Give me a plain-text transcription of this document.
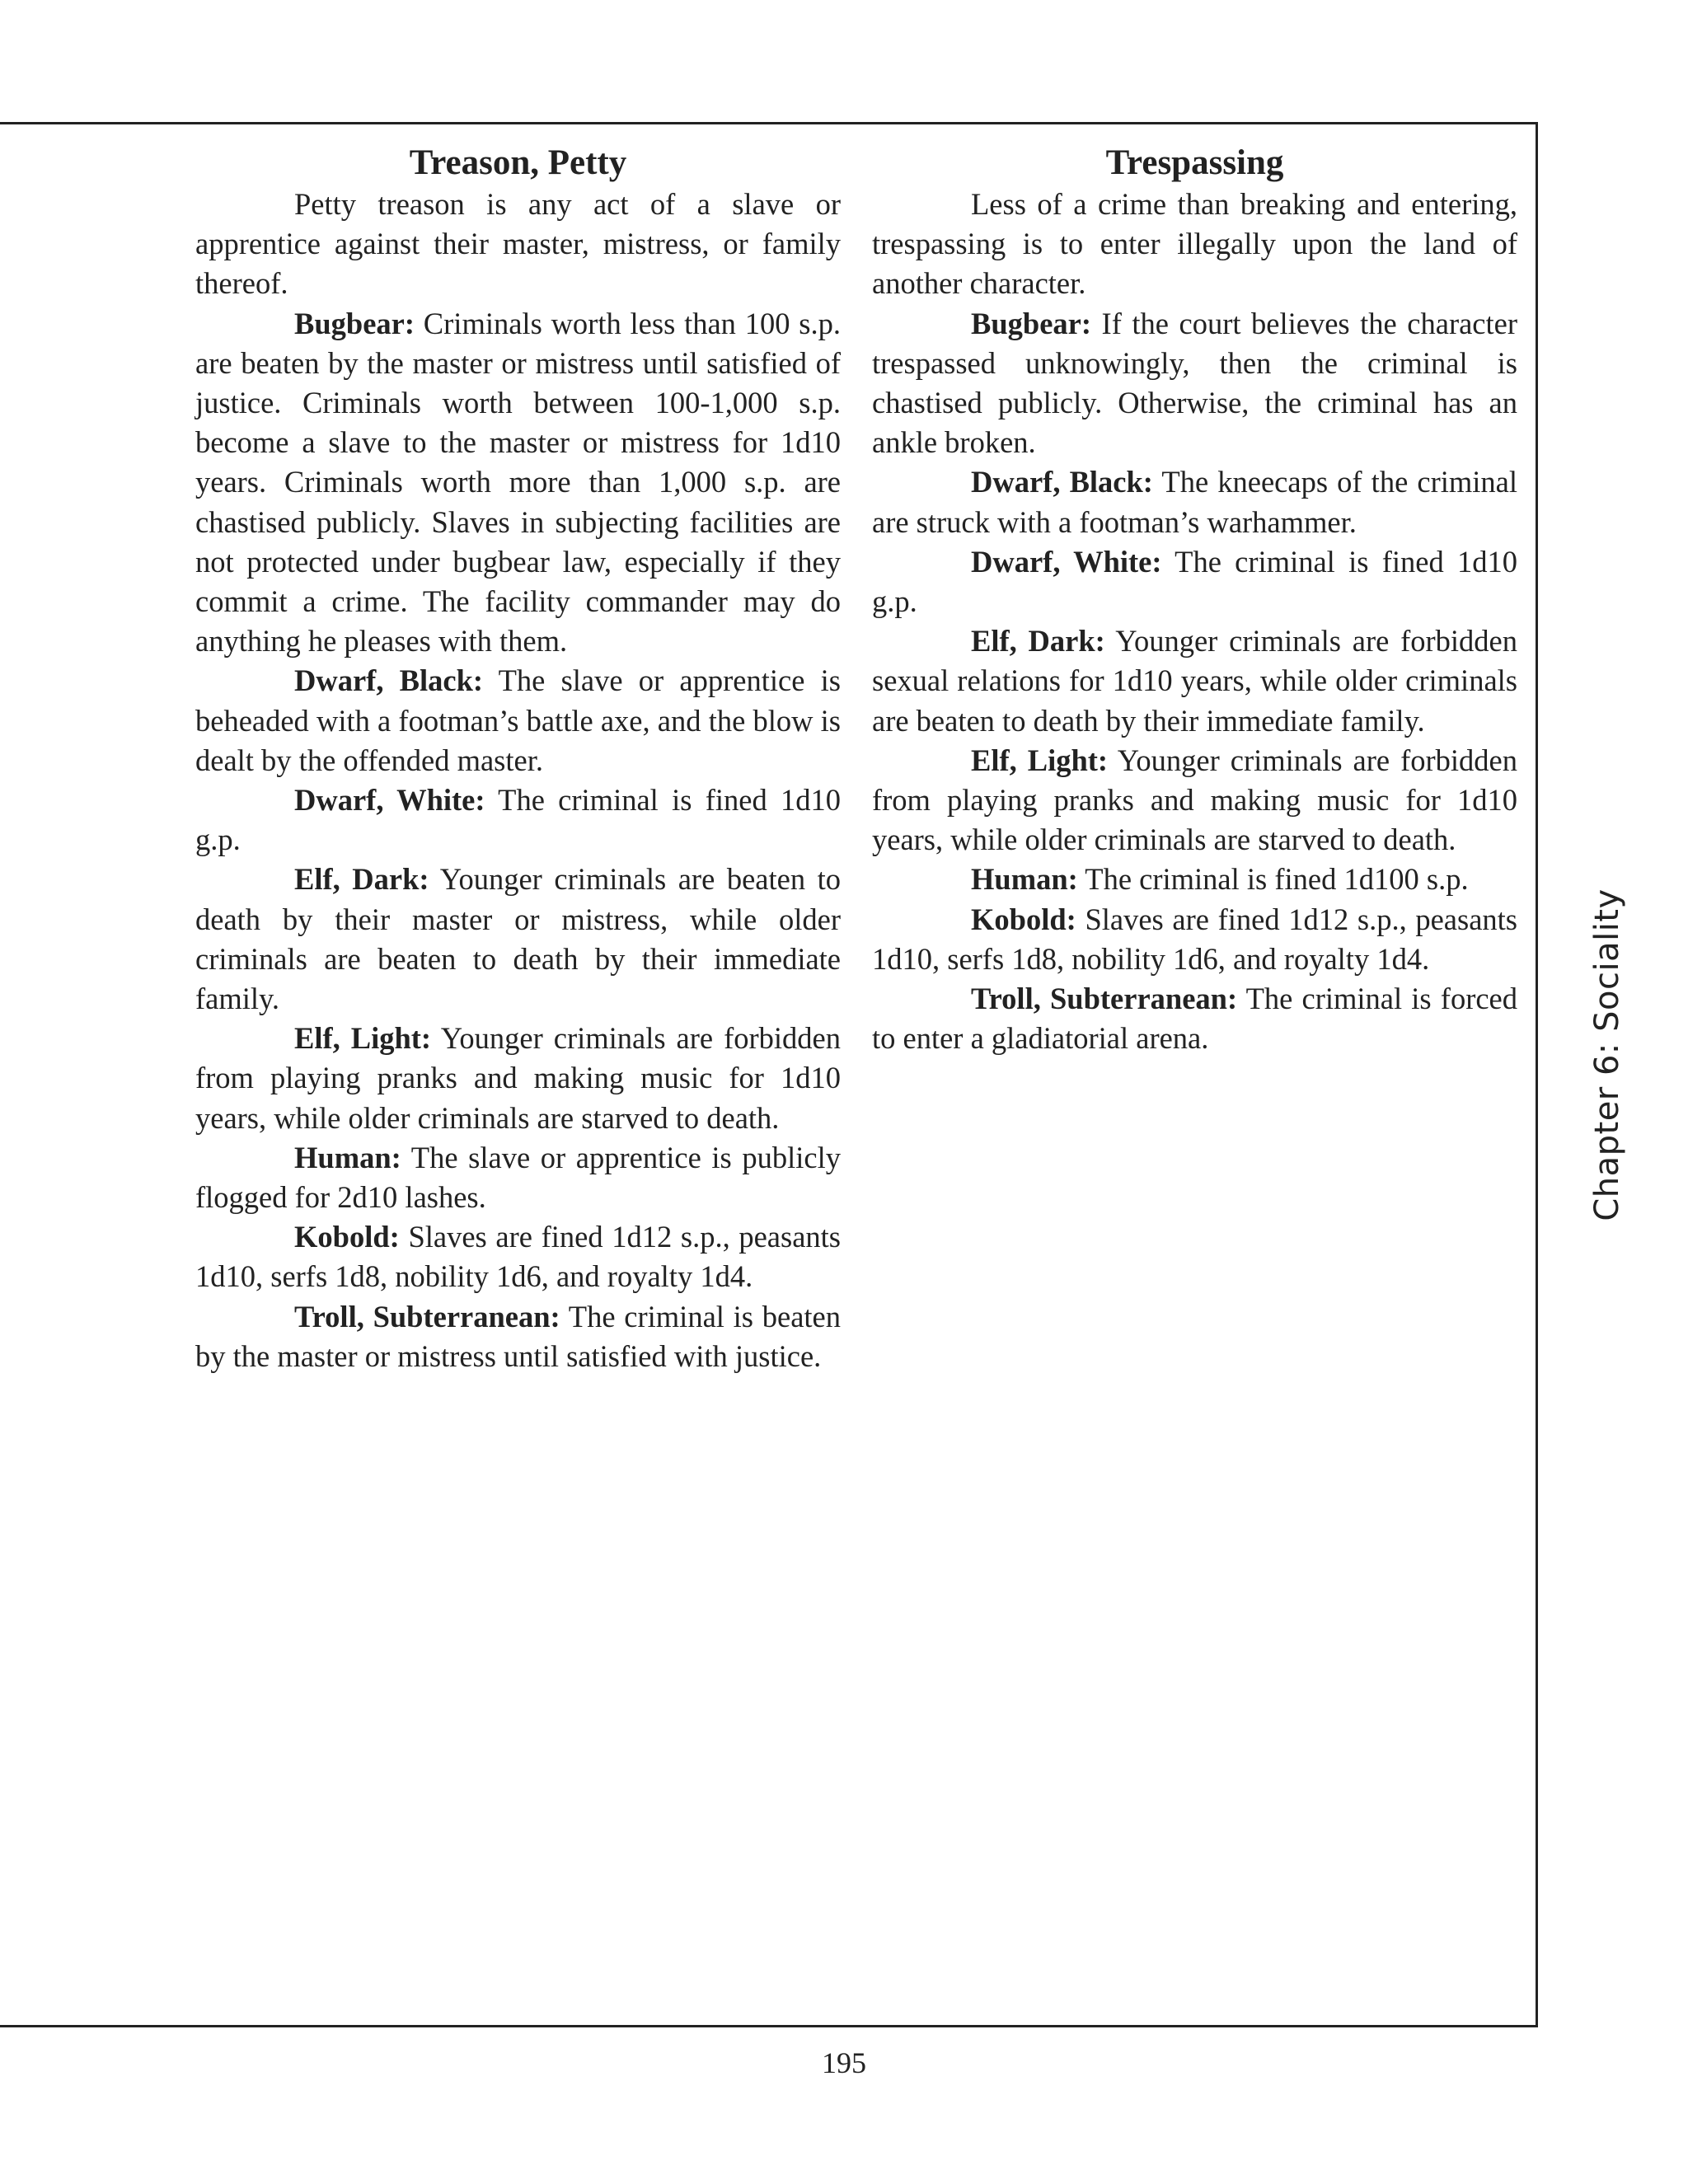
Treason, Petty

Petty treason is any act of a slave or apprentice against their master, mistress, or family thereof.

Bugbear: Criminals worth less than 100 s.p. are beaten by the master or mistress until satisfied of justice. Criminals worth between 100-1,000 s.p. become a slave to the master or mistress for 1d10 years. Criminals worth more than 1,000 s.p. are chastised publicly. Slaves in subjecting facilities are not protected under bugbear law, especially if they commit a crime. The facility commander may do anything he pleases with them.

Dwarf, Black: The slave or apprentice is beheaded with a footman’s battle axe, and the blow is dealt by the offended master.

Dwarf, White: The criminal is fined 1d10 g.p.

Elf, Dark: Younger criminals are beaten to death by their master or mistress, while older criminals are beaten to death by their immediate family.

Elf, Light: Younger criminals are forbidden from playing pranks and making music for 1d10 years, while older criminals are starved to death.

Human: The slave or apprentice is publicly flogged for 2d10 lashes.

Kobold: Slaves are fined 1d12 s.p., peasants 1d10, serfs 1d8, nobility 1d6, and royalty 1d4.

Troll, Subterranean: The criminal is beaten by the master or mistress until satisfied with justice.

Trespassing

Less of a crime than breaking and entering, trespassing is to enter illegally upon the land of another character.

Bugbear: If the court believes the character trespassed unknowingly, then the criminal is chastised publicly. Otherwise, the criminal has an ankle broken.

Dwarf, Black: The kneecaps of the criminal are struck with a footman’s warhammer.

Dwarf, White: The criminal is fined 1d10 g.p.

Elf, Dark: Younger criminals are forbidden sexual relations for 1d10 years, while older criminals are beaten to death by their immediate family.

Elf, Light: Younger criminals are forbidden from playing pranks and making music for 1d10 years, while older criminals are starved to death.

Human: The criminal is fined 1d100 s.p.

Kobold: Slaves are fined 1d12 s.p., peasants 1d10, serfs 1d8, nobility 1d6, and royalty 1d4.

Troll, Subterranean: The criminal is forced to enter a gladiatorial arena.	Chapter 6: Sociality
195
